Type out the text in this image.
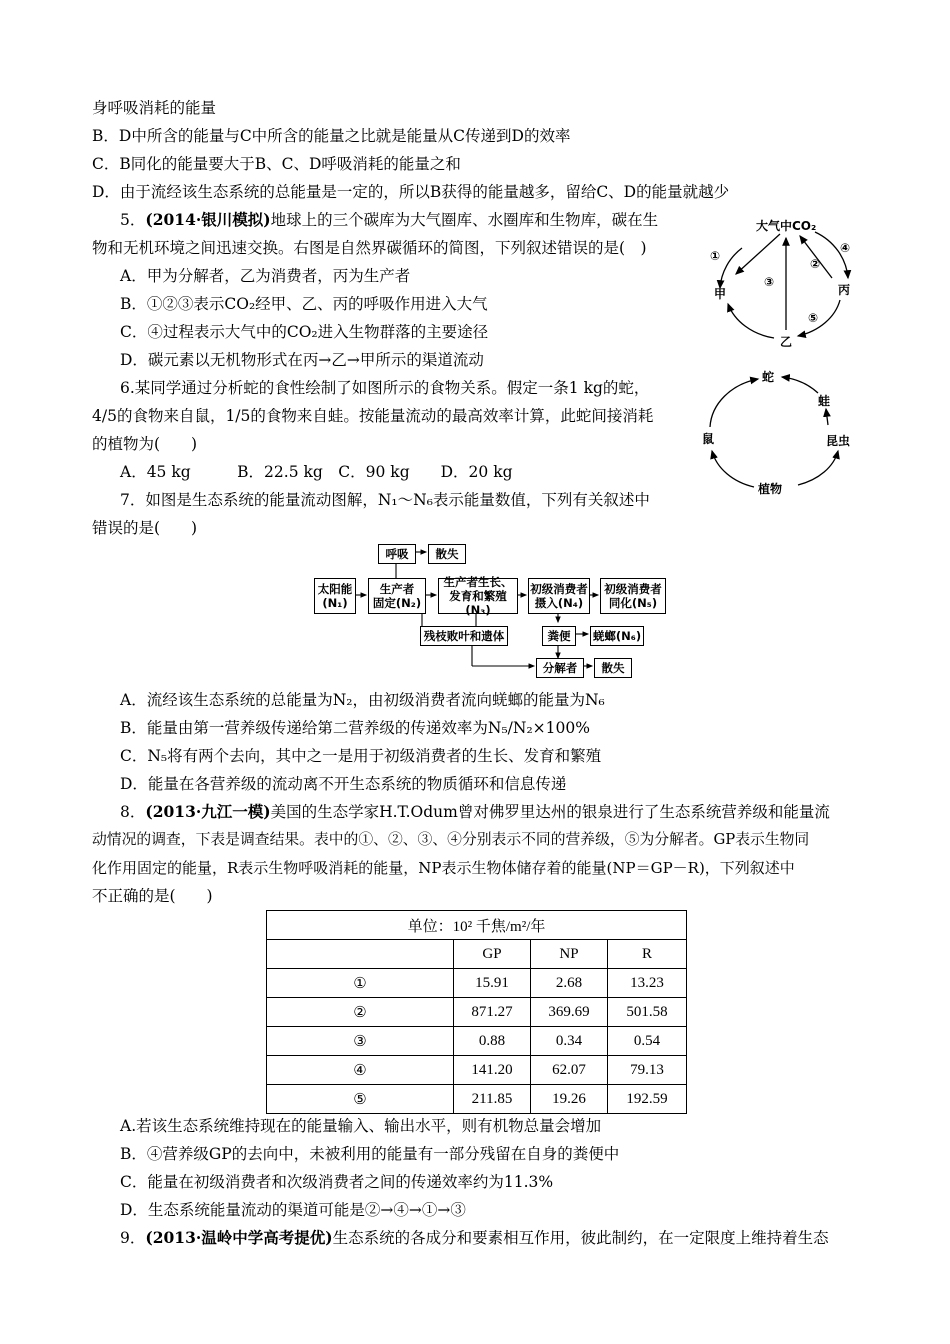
身呼吸消耗的能量
B．D中所含的能量与C中所含的能量之比就是能量从C传递到D的效率
C．B同化的能量要大于B、C、D呼吸消耗的能量之和
D．由于流经该生态系统的总能量是一定的，所以B获得的能量越多，留给C、D的能量就越少
5．(2014·银川模拟)地球上的三个碳库为大气圈库、水圈库和生物库，碳在生
物和无机环境之间迅速交换。右图是自然界碳循环的简图，下列叙述错误的是(　)
A．甲为分解者，乙为消费者，丙为生产者
B．①②③表示CO₂经甲、乙、丙的呼吸作用进入大气
C．④过程表示大气中的CO₂进入生物群落的主要途径
D．碳元素以无机物形式在丙→乙→甲所示的渠道流动
6.某同学通过分析蛇的食性绘制了如图所示的食物关系。假定一条1 kg的蛇，
4/5的食物来自鼠，1/5的食物来自蛙。按能量流动的最高效率计算，此蛇间接消耗
的植物为(　　)
A．45 kg　　　B．22.5 kg　C．90 kg　　D．20 kg
7．如图是生态系统的能量流动图解，N₁～N₆表示能量数值，下列有关叙述中
错误的是(　　)
A．流经该生态系统的总能量为N₂，由初级消费者流向蜣螂的能量为N₆
B．能量由第一营养级传递给第二营养级的传递效率为N₅/N₂×100%
C．N₅将有两个去向，其中之一是用于初级消费者的生长、发育和繁殖
D．能量在各营养级的流动离不开生态系统的物质循环和信息传递
8．(2013·九江一模)美国的生态学家H.T.Odum曾对佛罗里达州的银泉进行了生态系统营养级和能量流
动情况的调查，下表是调查结果。表中的①、②、③、④分别表示不同的营养级，⑤为分解者。GP表示生物同
化作用固定的能量，R表示生物呼吸消耗的能量，NP表示生物体储存着的能量(NP＝GP－R)，下列叙述中
不正确的是(　　)
单位：10² 千焦/m²/年			
	GP	NP	R
①	15.91	2.68	13.23
②	871.27	369.69	501.58
③	0.88	0.34	0.54
④	141.20	62.07	79.13
⑤	211.85	19.26	192.59
A.若该生态系统维持现在的能量输入、输出水平，则有机物总量会增加
B．④营养级GP的去向中，未被利用的能量有一部分残留在自身的粪便中
C．能量在初级消费者和次级消费者之间的传递效率约为11.3%
D．生态系统能量流动的渠道可能是②→④→①→③
9．(2013·温岭中学高考提优)生态系统的各成分和要素相互作用，彼此制约，在一定限度上维持着生态
大气中CO₂
①
②
③
④
⑤
甲	丙
乙
蛇
蛙
鼠	昆虫
植物
太阳能
(N₁)
生产者
固定(N₂)
生产者生长、
发育和繁殖(N₃)
初级消费者
摄入(N₄)
初级消费者
同化(N₅)
呼吸	散失
残枝败叶和遗体	粪便	蜣螂(N₆)
分解者	散失
